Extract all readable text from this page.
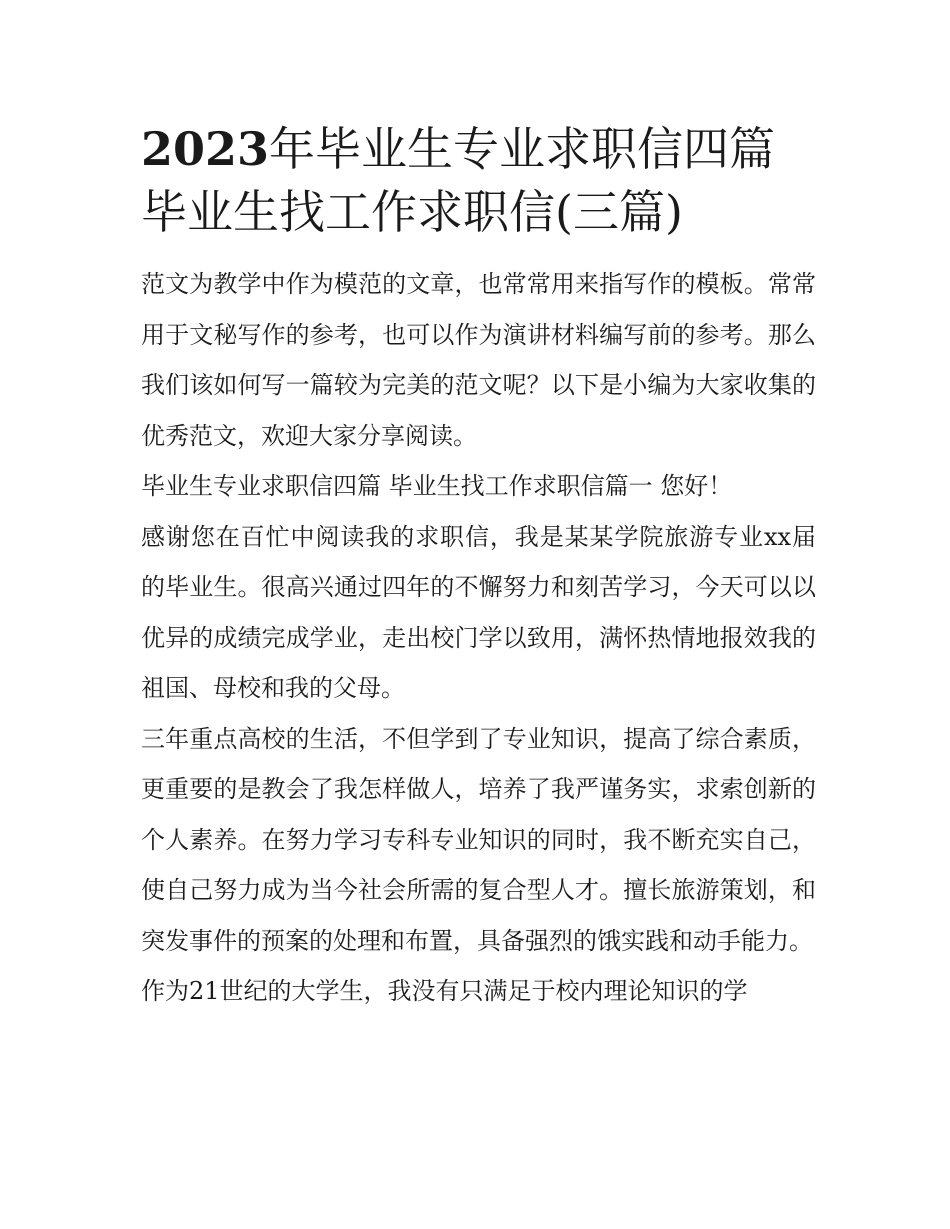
2023年毕业生专业求职信四篇毕业生找工作求职信(三篇)

范文为教学中作为模范的文章，也常常用来指写作的模板。常常用于文秘写作的参考，也可以作为演讲材料编写前的参考。那么我们该如何写一篇较为完美的范文呢？以下是小编为大家收集的优秀范文，欢迎大家分享阅读。

毕业生专业求职信四篇 毕业生找工作求职信篇一 您好！

感谢您在百忙中阅读我的求职信，我是某某学院旅游专业xx届的毕业生。很高兴通过四年的不懈努力和刻苦学习，今天可以以优异的成绩完成学业，走出校门学以致用，满怀热情地报效我的祖国、母校和我的父母。

三年重点高校的生活，不但学到了专业知识，提高了综合素质，更重要的是教会了我怎样做人，培养了我严谨务实，求索创新的个人素养。在努力学习专科专业知识的同时，我不断充实自己，使自己努力成为当今社会所需的复合型人才。擅长旅游策划，和突发事件的预案的处理和布置，具备强烈的饿实践和动手能力。

作为21世纪的大学生，我没有只满足于校内理论知识的学
